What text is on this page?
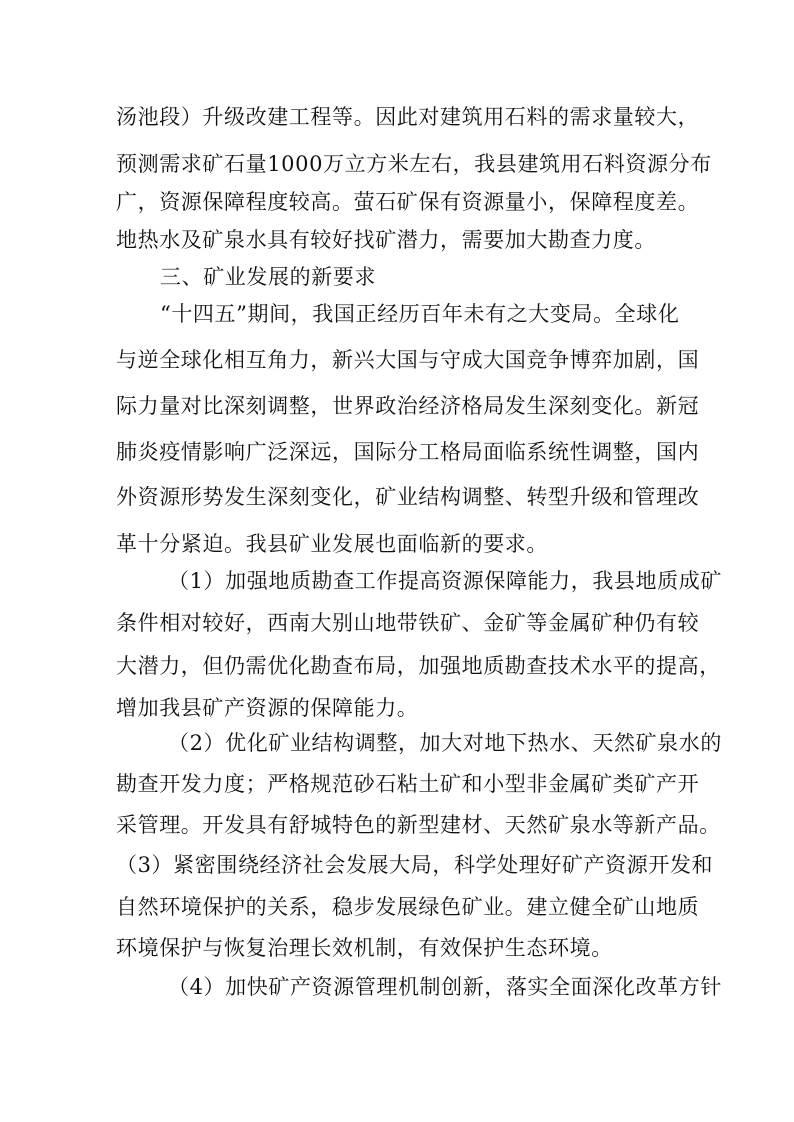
汤池段）升级改建工程等。因此对建筑用石料的需求量较大，
预测需求矿石量1000万立方米左右，我县建筑用石料资源分布
广，资源保障程度较高。萤石矿保有资源量小，保障程度差。
地热水及矿泉水具有较好找矿潜力，需要加大勘查力度。
三、矿业发展的新要求
“十四五”期间，我国正经历百年未有之大变局。全球化
与逆全球化相互角力，新兴大国与守成大国竞争博弈加剧，国
际力量对比深刻调整，世界政治经济格局发生深刻变化。新冠
肺炎疫情影响广泛深远，国际分工格局面临系统性调整，国内
外资源形势发生深刻变化，矿业结构调整、转型升级和管理改
革十分紧迫。我县矿业发展也面临新的要求。
（1）加强地质勘查工作提高资源保障能力，我县地质成矿
条件相对较好，西南大别山地带铁矿、金矿等金属矿种仍有较
大潜力，但仍需优化勘查布局，加强地质勘查技术水平的提高，
增加我县矿产资源的保障能力。
（2）优化矿业结构调整，加大对地下热水、天然矿泉水的
勘查开发力度；严格规范砂石粘土矿和小型非金属矿类矿产开
采管理。开发具有舒城特色的新型建材、天然矿泉水等新产品。
（3）紧密围绕经济社会发展大局，科学处理好矿产资源开发和
自然环境保护的关系，稳步发展绿色矿业。建立健全矿山地质
环境保护与恢复治理长效机制，有效保护生态环境。
（4）加快矿产资源管理机制创新，落实全面深化改革方针
